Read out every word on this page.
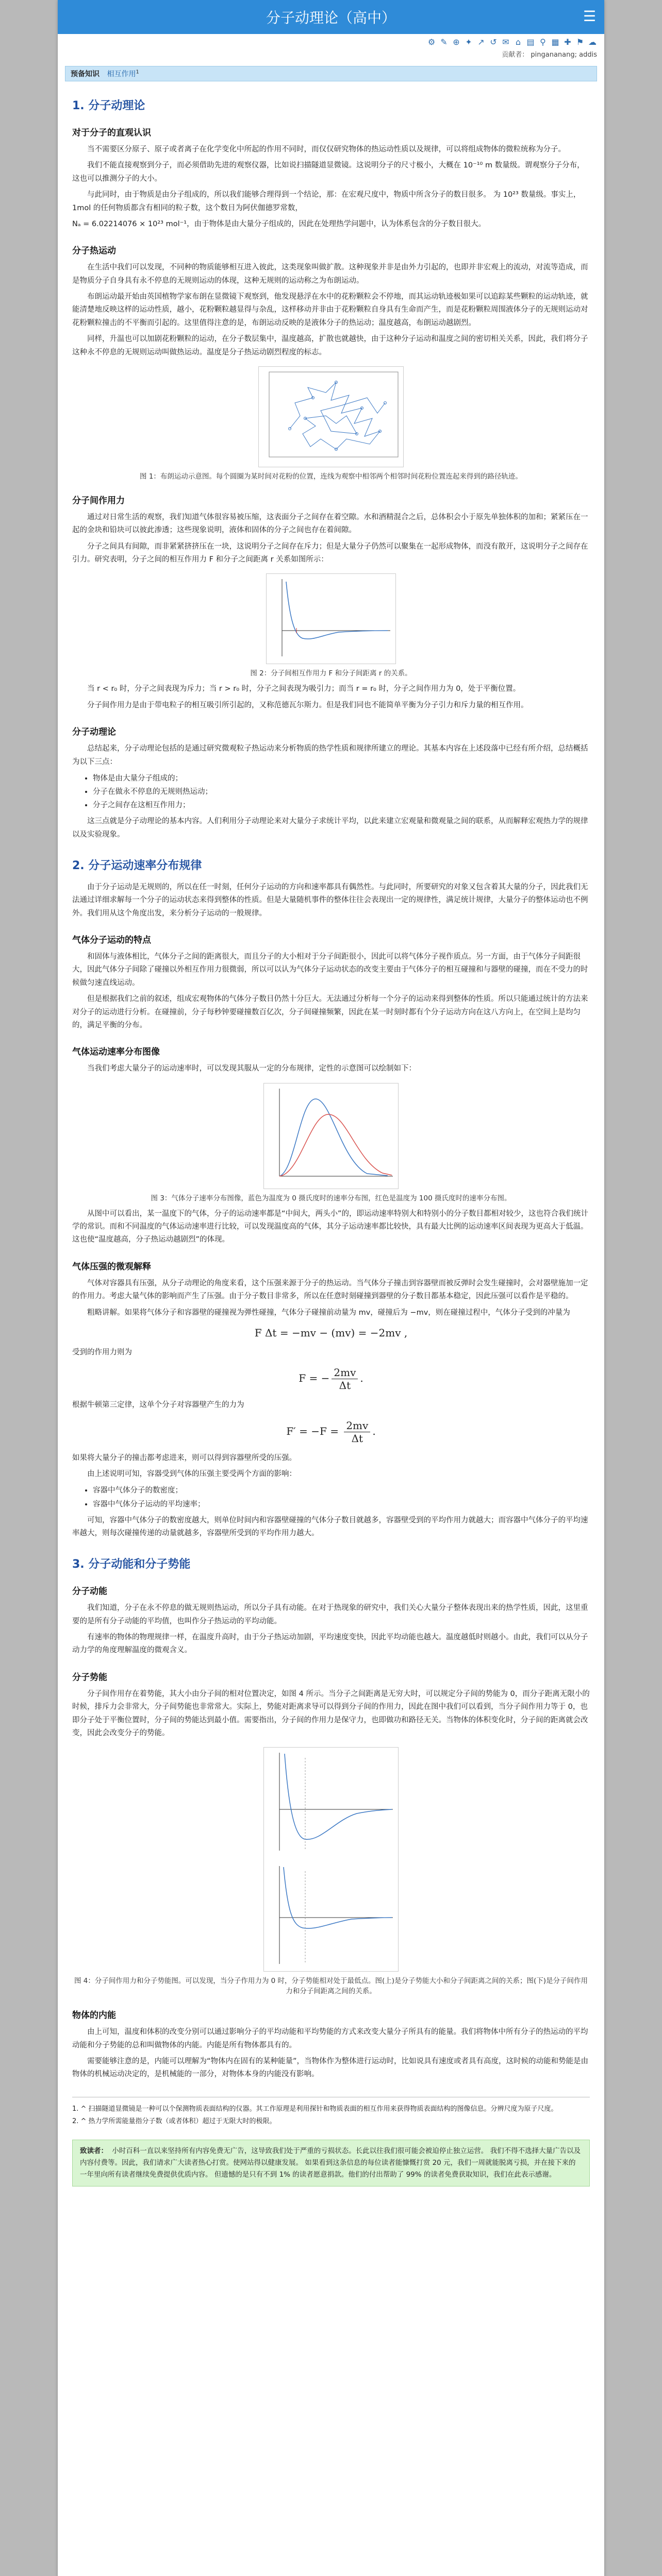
分子动理论（高中）	☰
⚙ ✎ ⊕ ✦ ↗ ↺ ✉ ⌂ ▤ ⚲ ▦ ✚ ⚑ ☁
贡献者： pingananang; addis
预备知识 相互作用$^1$
1. 分子动理论
对于分子的直观认识

当不需要区分原子、原子或者离子在化学变化中所起的作用不同时，而仅仅研究物体的热运动性质以及规律，可以将组成物体的微粒统称为分子。

我们不能直接观察到分子，而必须借助先进的观察仪器，比如说扫描隧道显微镜。这说明分子的尺寸极小，大概在 10⁻¹⁰ m 数量级。谓观察分子分布，这也可以推测分子的大小。

与此同时，由于物质是由分子组成的，所以我们能够合理得到一个结论，那：在宏观尺度中，物质中所含分子的数目很多。 为 10²³ 数量级。事实上，1mol 的任何物质都含有相同的粒子数，这个数目为阿伏伽德罗常数，

Nₐ = 6.02214076 × 10²³ mol⁻¹，由于物体是由大量分子组成的，因此在处理热学问题中，认为体系包含的分子数目很大。

分子热运动

在生活中我们可以发现，不同种的物质能够相互进入彼此，这类现象叫做扩散。这种现象并非是由外力引起的，也即并非宏观上的流动，对流等造成，而是物质分子自身具有永不停息的无规则运动的体现，这种无规则的运动称之为布朗运动。

布朗运动最开始由英国植物学家布朗在显微镜下观察到，他发现悬浮在水中的花粉颗粒会不停地，而其运动轨迹极如果可以追踪某些颗粒的运动轨迹，就能清楚地反映这样的运动性质，越小，花粉颗粒越显得与杂乱，这样移动并非由于花粉颗粒自身具有生命而产生，而是花粉颗粒周围液体分子的无规则运动对花粉颗粒撞击的不平衡而引起的。这里值得注意的是，布朗运动反映的是液体分子的热运动；温度越高，布朗运动越剧烈。

同样，升温也可以加剧花粉颗粒的运动，在分子数层集中，温度越高，扩散也就越快，由于这种分子运动和温度之间的密切相关关系，因此，我们将分子这种永不停息的无规则运动叫做热运动。温度是分子热运动剧烈程度的标志。

图 1：布朗运动示意图。每个圆圈为某时间对花粉的位置，连线为观察中相邻两个相邻时间花粉位置连起来得到的路径轨迹。
分子间作用力

通过对日常生活的观察，我们知道气体很容易被压缩，这表面分子之间存在着空隙。水和酒精混合之后，总体积会小于原先单独体积的加和；紧紧压在一起的金块和铅块可以彼此渗透；这些现象说明，液体和固体的分子之间也存在着间隙。

分子之间具有间隙，而非紧紧挤挤压在一块，这说明分子之间存在斥力；但是大量分子仍然可以聚集在一起形成物体，而没有散开，这说明分子之间存在引力。研究表明，分子之间的相互作用力 F 和分子之间距离 r 关系如图所示：

图 2：分子间相互作用力 F 和分子间距离 r 的关系。

当 r < r₀ 时，分子之间表现为斥力；当 r > r₀ 时，分子之间表现为吸引力；而当 r = r₀ 时，分子之间作用力为 0，处于平衡位置。

分子间作用力是由于带电粒子的相互吸引所引起的，又称范德瓦尔斯力。但是我们同也不能简单平衡为分子引力和斥力量的相互作用。

分子动理论

总结起来，分子动理论包括的是通过研究微观粒子热运动来分析物质的热学性质和规律所建立的理论。其基本内容在上述段落中已经有所介绍，总结概括为以下三点：

• 物体是由大量分子组成的；
• 分子在做永不停息的无规则热运动；
• 分子之间存在这相互作用力；

这三点就是分子动理论的基本内容。人们利用分子动理论来对大量分子求统计平均，以此来建立宏观量和微观量之间的联系，从而解释宏观热力学的规律以及实验现象。

2. 分子运动速率分布规律

由于分子运动是无规则的，所以在任一时刻，任何分子运动的方向和速率都具有偶然性。与此同时，所要研究的对象又包含着其大量的分子，因此我们无法通过详细求解每一个分子的运动状态来得到整体的性质。但是大量随机事件的整体往往会表现出一定的规律性，满足统计规律，大量分子的整体运动也不例外。我们用从这个角度出发，来分析分子运动的一般规律。

气体分子运动的特点

和固体与液体相比，气体分子之间的距离很大，而且分子的大小相对于分子间距很小，因此可以将气体分子视作质点。另一方面，由于气体分子间距很大，因此气体分子间除了碰撞以外相互作用力很微弱，所以可以认为气体分子运动状态的改变主要由于气体分子的相互碰撞和与器壁的碰撞，而在不受力的时候做匀速直线运动。

但是根据我们之前的叙述，组成宏观物体的气体分子数目仍然十分巨大。无法通过分析每一个分子的运动来得到整体的性质。所以只能通过统计的方法来对分子的运动进行分析。在碰撞前，分子每秒钟要碰撞数百亿次，分子间碰撞频繁，因此在某一时刻时都有个分子运动方向在这八方向上，在空间上是均匀的，满足平衡的分布。

气体运动速率分布图像

当我们考虑大量分子的运动速率时，可以发现其服从一定的分布规律，定性的示意图可以绘制如下：

图 3：气体分子速率分布图像，蓝色为温度为 0 摄氏度时的速率分布图，红色是温度为 100 摄氏度时的速率分布图。

从图中可以看出，某一温度下的气体，分子的运动速率都是“中间大，两头小”的，即运动速率特别大和特别小的分子数目都相对较少，这也符合我们统计学的常识。而和不同温度的气体运动速率进行比较，可以发现温度高的气体，其分子运动速率都比较快，具有最大比例的运动速率区间表现为更高大于低温。这也使“温度越高，分子热运动越剧烈”的体现。

气体压强的微观解释

气体对容器具有压强，从分子动理论的角度来看，这个压强来源于分子的热运动。当气体分子撞击到容器壁而被反弹时会发生碰撞时，会对器壁施加一定的作用力。考虑大量气体的影响而产生了压强。由于分子数目非常多，所以在任意时刻碰撞到器壁的分子数目都基本稳定，因此压强可以看作是平稳的。

粗略讲解。如果将气体分子和容器壁的碰撞视为弹性碰撞，气体分子碰撞前动量为 mv，碰撞后为 −mv，则在碰撞过程中，气体分子受到的冲量为

F Δt = −mv − (mv) = −2mv ,

受到的作用力则为

F = − $\frac{2mv}{\Delta t}$ .

根据牛顿第三定律，这单个分子对容器壁产生的力为

$F' = -F = \frac{2mv}{\Delta t}$ .

如果将大量分子的撞击都考虑进来，则可以得到容器壁所受的压强。

由上述说明可知，容器受到气体的压强主要受两个方面的影响：

• 容器中气体分子的数密度；
• 容器中气体分子运动的平均速率；

可知，容器中气体分子的数密度越大，则单位时间内和容器壁碰撞的气体分子数目就越多，容器壁受到的平均作用力就越大；而容器中气体分子的平均速率越大，则每次碰撞传递的动量就越多，容器壁所受到的平均作用力越大。

3. 分子动能和分子势能
分子动能

我们知道，分子在永不停息的做无规则热运动，所以分子具有动能。在对于热现象的研究中，我们关心大量分子整体表现出来的热学性质，因此，这里重要的是所有分子动能的平均值，也叫作分子热运动的平均动能。

有速率的物体的物理规律一样，在温度升高时，由于分子热运动加剧，平均速度变快，因此平均动能也越大。温度越低时则越小。由此，我们可以从分子动力学的角度理解温度的微观含义。

分子势能

分子间作用存在着势能，其大小由分子间的相对位置决定，如图 4 所示。当分子之间距离是无穷大时，可以规定分子间的势能为 0，而分子距离无限小的时候，排斥力会非常大，分子间势能也非常常大。实际上，势能对距离求导可以得到分子间的作用力，因此在图中我们可以看到，当分子间作用力等于 0，也即分子处于平衡位置时，分子间的势能达到最小值。需要指出，分子间的作用力是保守力，也即做功和路径无关。当物体的体积变化时，分子间的距离就会改变，因此会改变分子的势能。

图 4：分子间作用力和分子势能图。可以发现，当分子作用力为 0 时，分子势能相对处于最低点。图(上)是分子势能大小和分子间距离之间的关系；图(下)是分子间作用力和分子间距离之间的关系。
物体的内能

由上可知，温度和体积的改变分别可以通过影响分子的平均动能和平均势能的方式来改变大量分子所具有的能量。我们将物体中所有分子的热运动的平均动能和分子势能的总和叫做物体的内能。内能是所有物体都具有的。

需要能够注意的是，内能可以理解为“物体内在固有的某种能量”，当物体作为整体进行运动时，比如说具有速度或者具有高度，这时候的动能和势能是由物体的机械运动决定的，是机械能的一部分，对物体本身的内能没有影响。

1. ^ 扫描隧道显微镜是一种可以个保测物质表面结构的仪器。其工作原理是利用探针和物质表面的相互作用来获得物质表面结构的图像信息。分辨尺度为原子尺度。
2. ^ 热力学所需能量指分子数（或者体积）超过于无限大时的极限。
致读者： 小时百科一直以来坚持所有内容免费无广告，这导致我们处于严重的亏损状态。长此以往我们很可能会被迫停止独立运营。 我们不得不选择大量广告以及内容付费等。因此，我们请求广大读者热心打赏。使网站得以健康发展。 如果看到这条信息的每位读者能慷慨打赏 20 元，我们一周就能脱离亏损，并在接下来的一年里向所有读者继续免费提供优质内容。 但遗憾的是只有不到 1% 的读者愿意捐款。他们的付出帮助了 99% 的读者免费获取知识，我们在此表示感谢。
